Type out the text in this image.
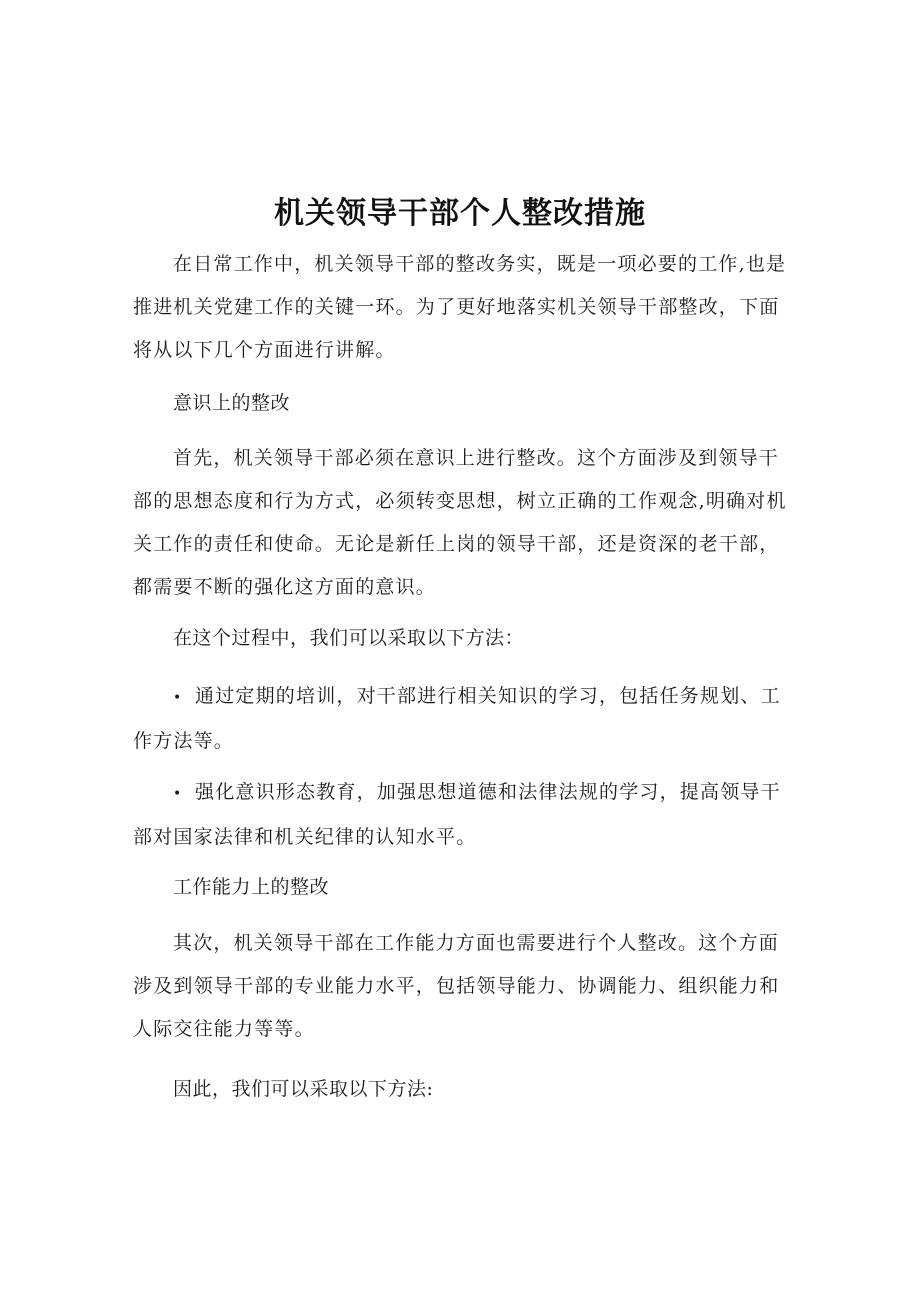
机关领导干部个人整改措施

在日常工作中，机关领导干部的整改务实，既是一项必要的工作,也是推进机关党建工作的关键一环。为了更好地落实机关领导干部整改，下面将从以下几个方面进行讲解。

意识上的整改

首先，机关领导干部必须在意识上进行整改。这个方面涉及到领导干部的思想态度和行为方式，必须转变思想，树立正确的工作观念,明确对机关工作的责任和使命。无论是新任上岗的领导干部，还是资深的老干部，都需要不断的强化这方面的意识。

在这个过程中，我们可以采取以下方法：

• 通过定期的培训，对干部进行相关知识的学习，包括任务规划、工作方法等。

• 强化意识形态教育，加强思想道德和法律法规的学习，提高领导干部对国家法律和机关纪律的认知水平。

工作能力上的整改

其次，机关领导干部在工作能力方面也需要进行个人整改。这个方面涉及到领导干部的专业能力水平，包括领导能力、协调能力、组织能力和人际交往能力等等。

因此，我们可以采取以下方法:
